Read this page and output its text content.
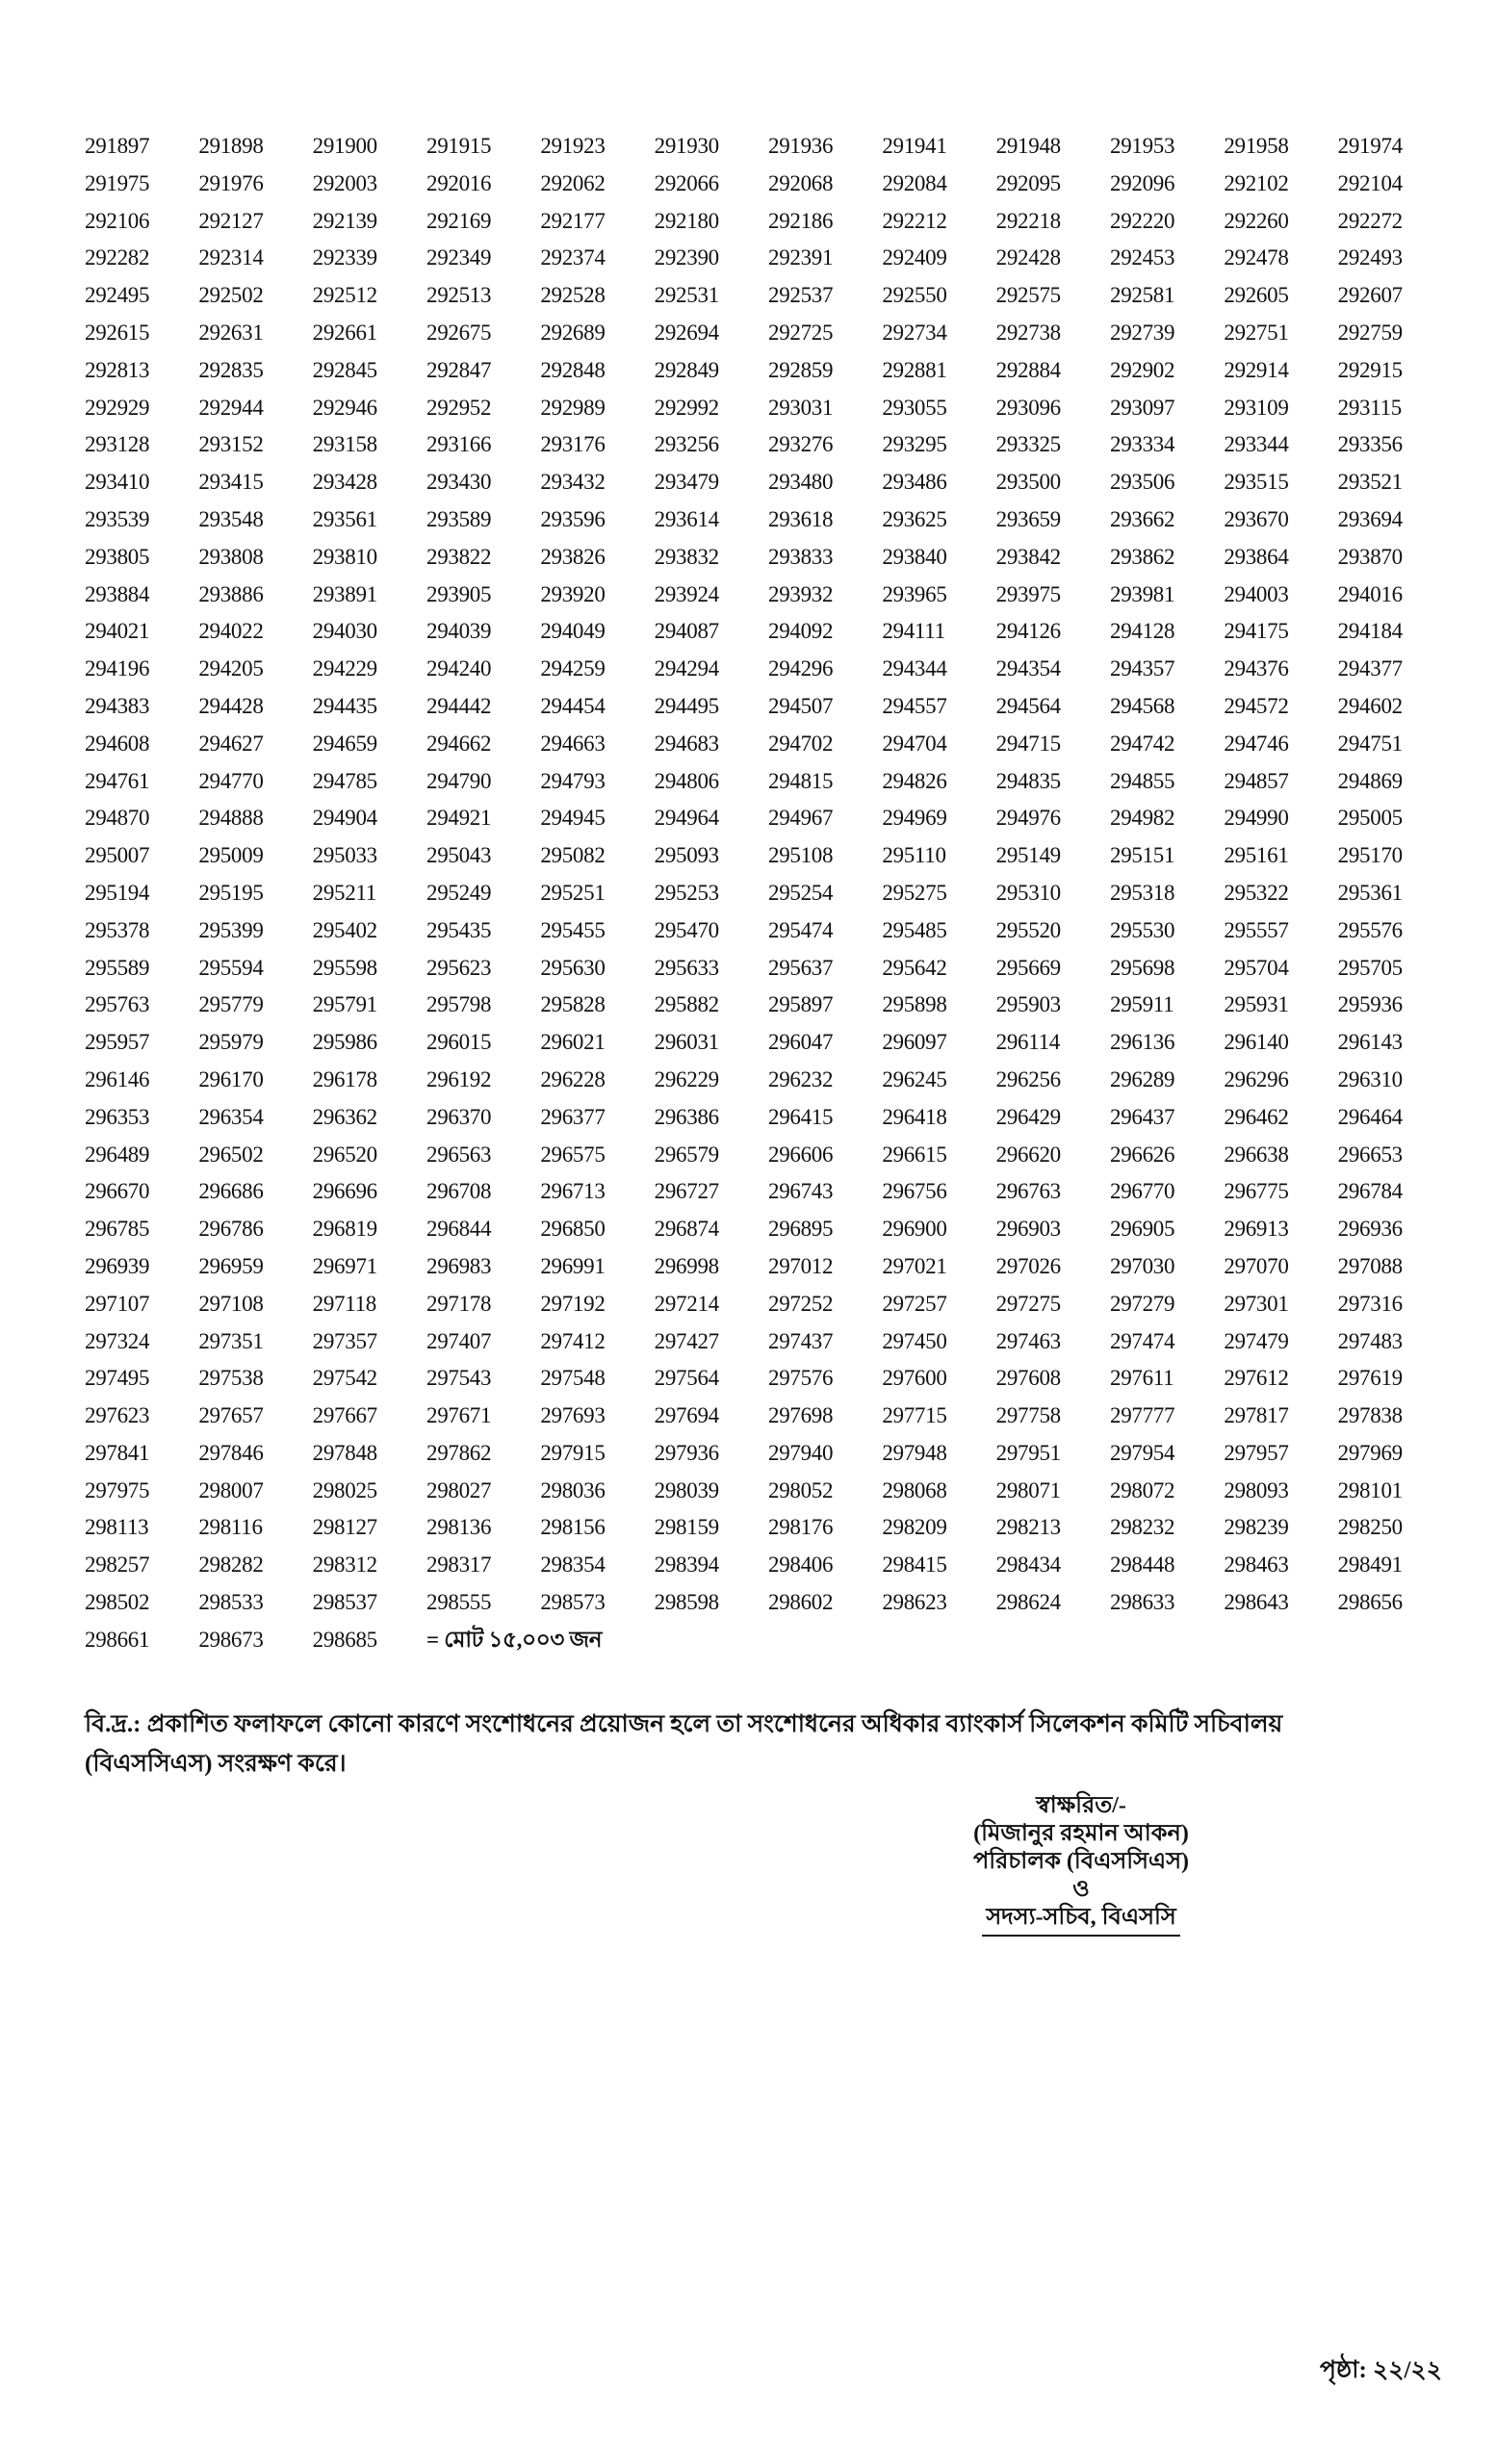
291897	291898	291900	291915	291923	291930	291936	291941	291948	291953	291958	291974
291975	291976	292003	292016	292062	292066	292068	292084	292095	292096	292102	292104
292106	292127	292139	292169	292177	292180	292186	292212	292218	292220	292260	292272
292282	292314	292339	292349	292374	292390	292391	292409	292428	292453	292478	292493
292495	292502	292512	292513	292528	292531	292537	292550	292575	292581	292605	292607
292615	292631	292661	292675	292689	292694	292725	292734	292738	292739	292751	292759
292813	292835	292845	292847	292848	292849	292859	292881	292884	292902	292914	292915
292929	292944	292946	292952	292989	292992	293031	293055	293096	293097	293109	293115
293128	293152	293158	293166	293176	293256	293276	293295	293325	293334	293344	293356
293410	293415	293428	293430	293432	293479	293480	293486	293500	293506	293515	293521
293539	293548	293561	293589	293596	293614	293618	293625	293659	293662	293670	293694
293805	293808	293810	293822	293826	293832	293833	293840	293842	293862	293864	293870
293884	293886	293891	293905	293920	293924	293932	293965	293975	293981	294003	294016
294021	294022	294030	294039	294049	294087	294092	294111	294126	294128	294175	294184
294196	294205	294229	294240	294259	294294	294296	294344	294354	294357	294376	294377
294383	294428	294435	294442	294454	294495	294507	294557	294564	294568	294572	294602
294608	294627	294659	294662	294663	294683	294702	294704	294715	294742	294746	294751
294761	294770	294785	294790	294793	294806	294815	294826	294835	294855	294857	294869
294870	294888	294904	294921	294945	294964	294967	294969	294976	294982	294990	295005
295007	295009	295033	295043	295082	295093	295108	295110	295149	295151	295161	295170
295194	295195	295211	295249	295251	295253	295254	295275	295310	295318	295322	295361
295378	295399	295402	295435	295455	295470	295474	295485	295520	295530	295557	295576
295589	295594	295598	295623	295630	295633	295637	295642	295669	295698	295704	295705
295763	295779	295791	295798	295828	295882	295897	295898	295903	295911	295931	295936
295957	295979	295986	296015	296021	296031	296047	296097	296114	296136	296140	296143
296146	296170	296178	296192	296228	296229	296232	296245	296256	296289	296296	296310
296353	296354	296362	296370	296377	296386	296415	296418	296429	296437	296462	296464
296489	296502	296520	296563	296575	296579	296606	296615	296620	296626	296638	296653
296670	296686	296696	296708	296713	296727	296743	296756	296763	296770	296775	296784
296785	296786	296819	296844	296850	296874	296895	296900	296903	296905	296913	296936
296939	296959	296971	296983	296991	296998	297012	297021	297026	297030	297070	297088
297107	297108	297118	297178	297192	297214	297252	297257	297275	297279	297301	297316
297324	297351	297357	297407	297412	297427	297437	297450	297463	297474	297479	297483
297495	297538	297542	297543	297548	297564	297576	297600	297608	297611	297612	297619
297623	297657	297667	297671	297693	297694	297698	297715	297758	297777	297817	297838
297841	297846	297848	297862	297915	297936	297940	297948	297951	297954	297957	297969
297975	298007	298025	298027	298036	298039	298052	298068	298071	298072	298093	298101
298113	298116	298127	298136	298156	298159	298176	298209	298213	298232	298239	298250
298257	298282	298312	298317	298354	298394	298406	298415	298434	298448	298463	298491
298502	298533	298537	298555	298573	298598	298602	298623	298624	298633	298643	298656
298661	298673	298685	= মোট ১৫,০০৩ জন

বি.দ্র.: প্রকাশিত ফলাফলে কোনো কারণে সংশোধনের প্রয়োজন হলে তা সংশোধনের অধিকার ব্যাংকার্স সিলেকশন কমিটি সচিবালয় (বিএসসিএস) সংরক্ষণ করে।

স্বাক্ষরিত/-
(মিজানুর রহমান আকন)
পরিচালক (বিএসসিএস)
ও
সদস্য-সচিব, বিএসসি
পৃষ্ঠা: ২২/২২
